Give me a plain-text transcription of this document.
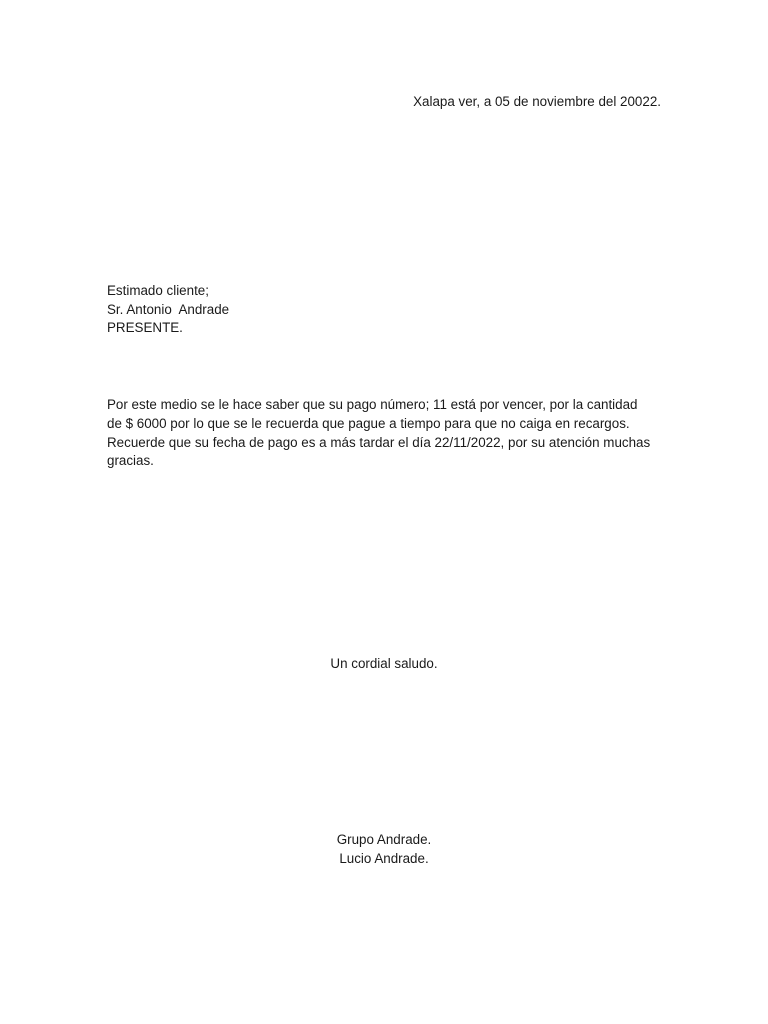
Xalapa ver, a 05 de noviembre del 20022.

Estimado cliente;
Sr. Antonio  Andrade
PRESENTE.
Por este medio se le hace saber que su pago número; 11 está por vencer, por la cantidad
de $ 6000 por lo que se le recuerda que pague a tiempo para que no caiga en recargos.
Recuerde que su fecha de pago es a más tardar el día 22/11/2022, por su atención muchas
gracias.

Un cordial saludo.

Grupo Andrade.
Lucio Andrade.
